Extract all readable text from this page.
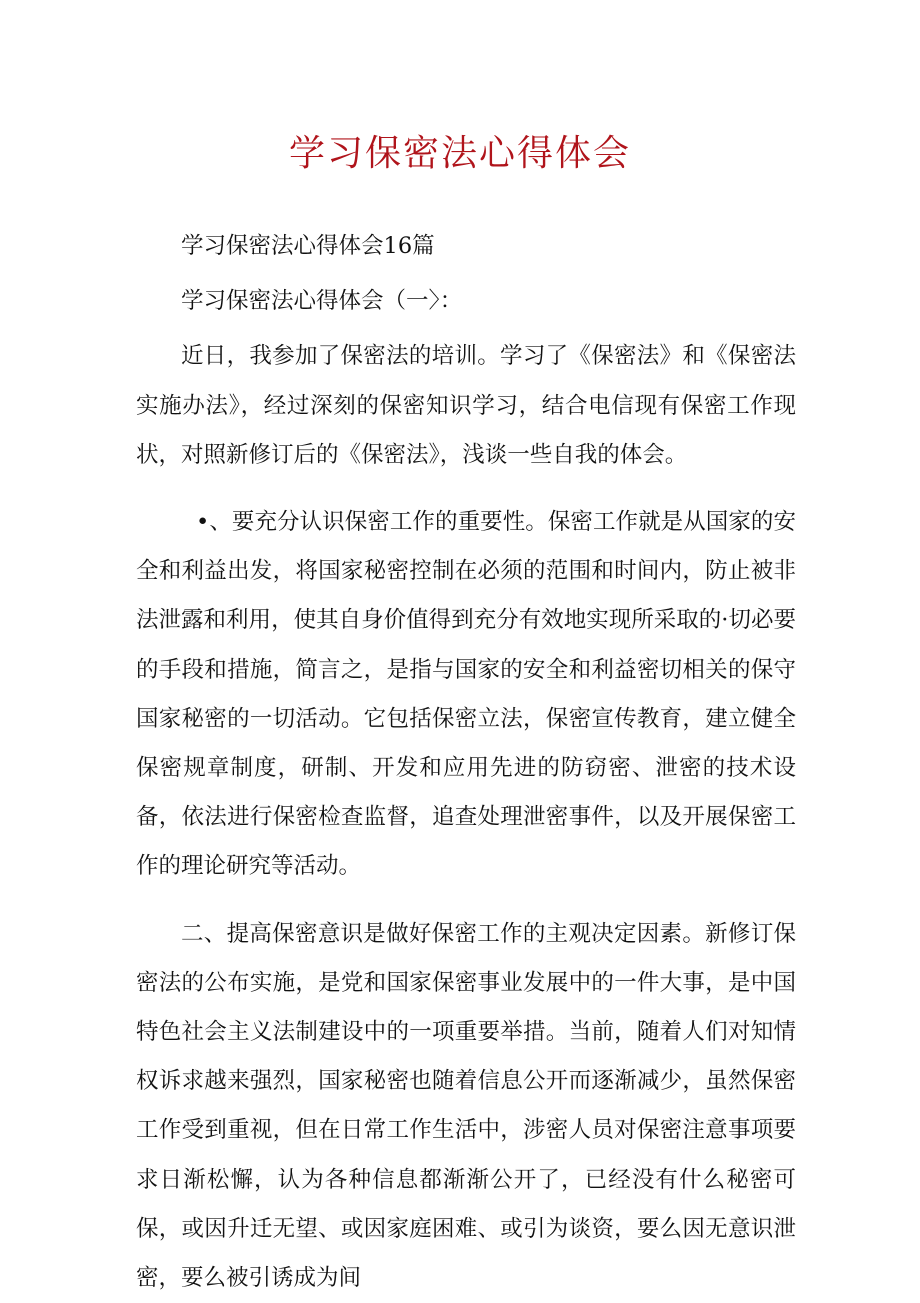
学习保密法心得体会

学习保密法心得体会16篇

学习保密法心得体会（一〉：

近日，我参加了保密法的培训。学习了《保密法》和《保密法实施办法》，经过深刻的保密知识学习，结合电信现有保密工作现状，对照新修订后的《保密法》，浅谈一些自我的体会。

•、要充分认识保密工作的重要性。保密工作就是从国家的安全和利益出发，将国家秘密控制在必须的范围和时间内，防止被非法泄露和利用，使其自身价值得到充分有效地实现所采取的·切必要的手段和措施，简言之，是指与国家的安全和利益密切相关的保守国家秘密的一切活动。它包括保密立法，保密宣传教育，建立健全保密规章制度，研制、开发和应用先进的防窃密、泄密的技术设备，依法进行保密检查监督，追查处理泄密事件，以及开展保密工作的理论研究等活动。

二、提高保密意识是做好保密工作的主观决定因素。新修订保密法的公布实施，是党和国家保密事业发展中的一件大事，是中国特色社会主义法制建设中的一项重要举措。当前，随着人们对知情权诉求越来强烈，国家秘密也随着信息公开而逐渐减少，虽然保密工作受到重视，但在日常工作生活中，涉密人员对保密注意事项要求日渐松懈，认为各种信息都渐渐公开了，已经没有什么秘密可保，或因升迁无望、或因家庭困难、或引为谈资，要么因无意识泄密，要么被引诱成为间
